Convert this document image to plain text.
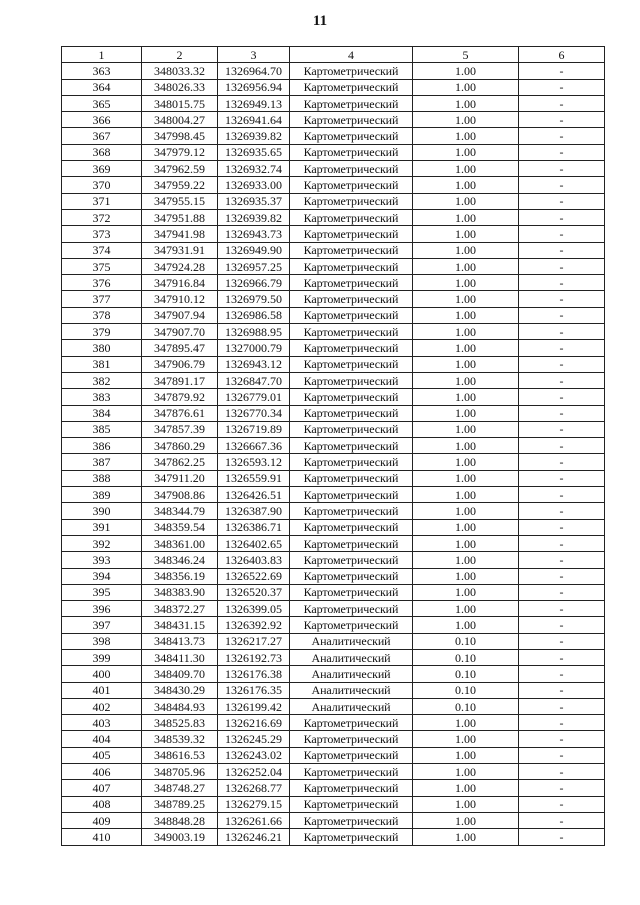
11
1	2	3	4	5	6
363	348033.32	1326964.70	Картометрический	1.00	-
364	348026.33	1326956.94	Картометрический	1.00	-
365	348015.75	1326949.13	Картометрический	1.00	-
366	348004.27	1326941.64	Картометрический	1.00	-
367	347998.45	1326939.82	Картометрический	1.00	-
368	347979.12	1326935.65	Картометрический	1.00	-
369	347962.59	1326932.74	Картометрический	1.00	-
370	347959.22	1326933.00	Картометрический	1.00	-
371	347955.15	1326935.37	Картометрический	1.00	-
372	347951.88	1326939.82	Картометрический	1.00	-
373	347941.98	1326943.73	Картометрический	1.00	-
374	347931.91	1326949.90	Картометрический	1.00	-
375	347924.28	1326957.25	Картометрический	1.00	-
376	347916.84	1326966.79	Картометрический	1.00	-
377	347910.12	1326979.50	Картометрический	1.00	-
378	347907.94	1326986.58	Картометрический	1.00	-
379	347907.70	1326988.95	Картометрический	1.00	-
380	347895.47	1327000.79	Картометрический	1.00	-
381	347906.79	1326943.12	Картометрический	1.00	-
382	347891.17	1326847.70	Картометрический	1.00	-
383	347879.92	1326779.01	Картометрический	1.00	-
384	347876.61	1326770.34	Картометрический	1.00	-
385	347857.39	1326719.89	Картометрический	1.00	-
386	347860.29	1326667.36	Картометрический	1.00	-
387	347862.25	1326593.12	Картометрический	1.00	-
388	347911.20	1326559.91	Картометрический	1.00	-
389	347908.86	1326426.51	Картометрический	1.00	-
390	348344.79	1326387.90	Картометрический	1.00	-
391	348359.54	1326386.71	Картометрический	1.00	-
392	348361.00	1326402.65	Картометрический	1.00	-
393	348346.24	1326403.83	Картометрический	1.00	-
394	348356.19	1326522.69	Картометрический	1.00	-
395	348383.90	1326520.37	Картометрический	1.00	-
396	348372.27	1326399.05	Картометрический	1.00	-
397	348431.15	1326392.92	Картометрический	1.00	-
398	348413.73	1326217.27	Аналитический	0.10	-
399	348411.30	1326192.73	Аналитический	0.10	-
400	348409.70	1326176.38	Аналитический	0.10	-
401	348430.29	1326176.35	Аналитический	0.10	-
402	348484.93	1326199.42	Аналитический	0.10	-
403	348525.83	1326216.69	Картометрический	1.00	-
404	348539.32	1326245.29	Картометрический	1.00	-
405	348616.53	1326243.02	Картометрический	1.00	-
406	348705.96	1326252.04	Картометрический	1.00	-
407	348748.27	1326268.77	Картометрический	1.00	-
408	348789.25	1326279.15	Картометрический	1.00	-
409	348848.28	1326261.66	Картометрический	1.00	-
410	349003.19	1326246.21	Картометрический	1.00	-
